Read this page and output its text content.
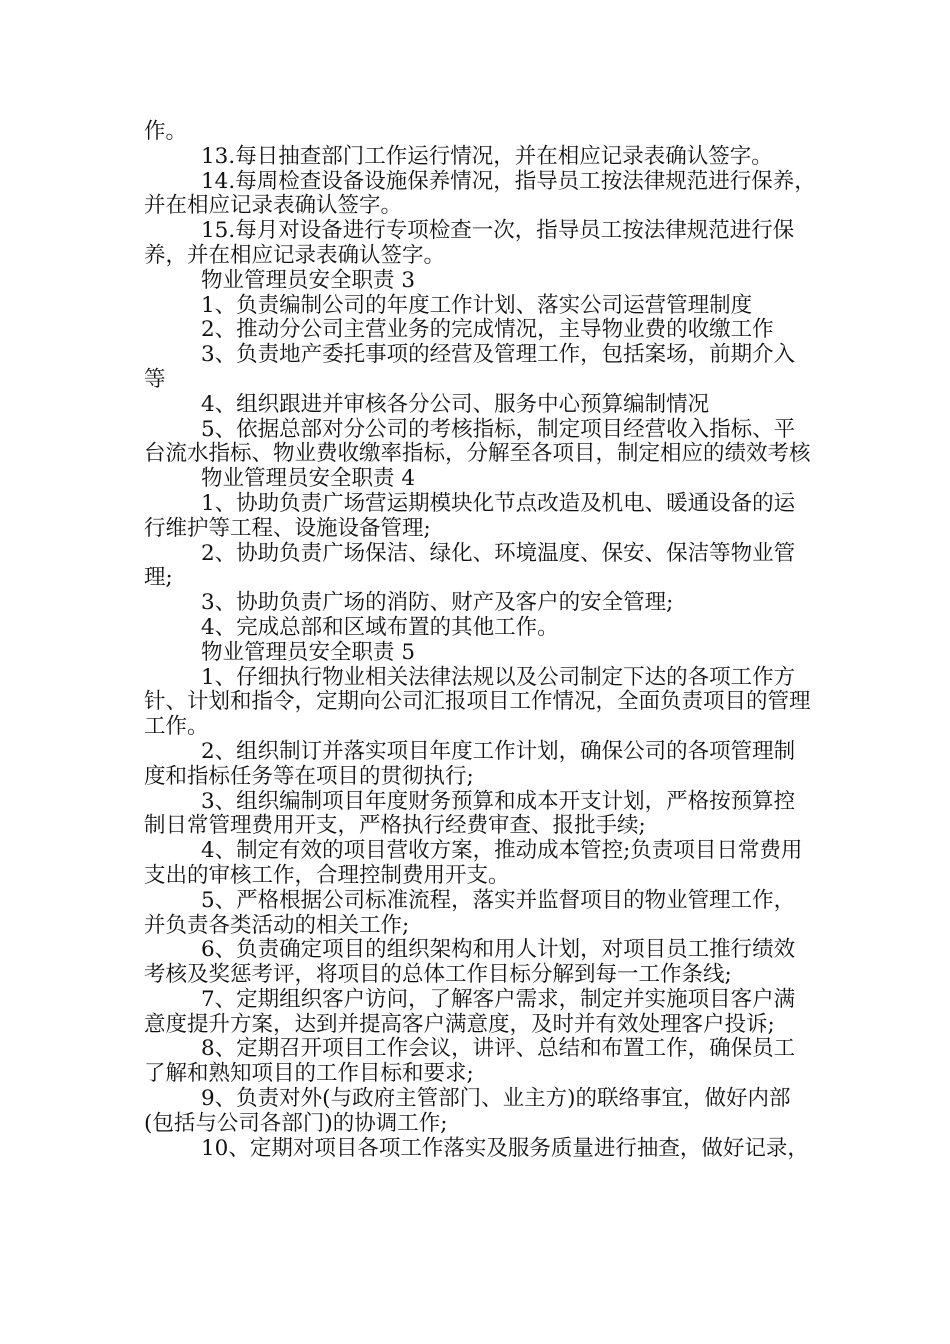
作。

13.每日抽查部门工作运行情况，并在相应记录表确认签字。

14.每周检查设备设施保养情况，指导员工按法律规范进行保养，并在相应记录表确认签字。

15.每月对设备进行专项检查一次，指导员工按法律规范进行保养，并在相应记录表确认签字。

物业管理员安全职责 3

1、负责编制公司的年度工作计划、落实公司运营管理制度

2、推动分公司主营业务的完成情况，主导物业费的收缴工作

3、负责地产委托事项的经营及管理工作，包括案场，前期介入等

4、组织跟进并审核各分公司、服务中心预算编制情况

5、依据总部对分公司的考核指标，制定项目经营收入指标、平台流水指标、物业费收缴率指标，分解至各项目，制定相应的绩效考核

物业管理员安全职责 4

1、协助负责广场营运期模块化节点改造及机电、暖通设备的运行维护等工程、设施设备管理;

2、协助负责广场保洁、绿化、环境温度、保安、保洁等物业管理;

3、协助负责广场的消防、财产及客户的安全管理;

4、完成总部和区域布置的其他工作。

物业管理员安全职责 5

1、仔细执行物业相关法律法规以及公司制定下达的各项工作方针、计划和指令，定期向公司汇报项目工作情况，全面负责项目的管理工作。

2、组织制订并落实项目年度工作计划，确保公司的各项管理制度和指标任务等在项目的贯彻执行;

3、组织编制项目年度财务预算和成本开支计划，严格按预算控制日常管理费用开支，严格执行经费审查、报批手续;

4、制定有效的项目营收方案，推动成本管控;负责项目日常费用支出的审核工作，合理控制费用开支。

5、严格根据公司标准流程，落实并监督项目的物业管理工作，并负责各类活动的相关工作;

6、负责确定项目的组织架构和用人计划，对项目员工推行绩效考核及奖惩考评，将项目的总体工作目标分解到每一工作条线;

7、定期组织客户访问，了解客户需求，制定并实施项目客户满意度提升方案，达到并提高客户满意度，及时并有效处理客户投诉;

8、定期召开项目工作会议，讲评、总结和布置工作，确保员工了解和熟知项目的工作目标和要求;

9、负责对外(与政府主管部门、业主方)的联络事宜，做好内部(包括与公司各部门)的协调工作;

10、定期对项目各项工作落实及服务质量进行抽查，做好记录，
